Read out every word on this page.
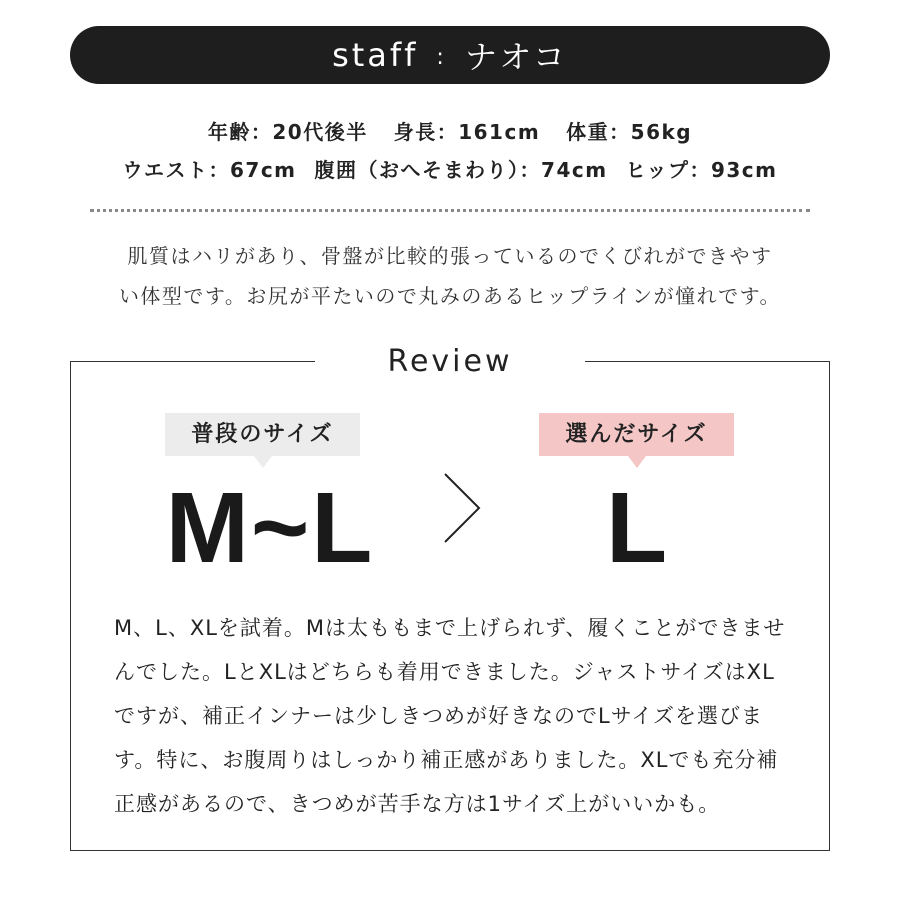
staff : ナオコ
年齢：20代後半 身長：161cm 体重：56kg
ウエスト：67cm 腹囲（おへそまわり）：74cm ヒップ：93cm
肌質はハリがあり、骨盤が比較的張っているのでくびれができやす
い体型です。お尻が平たいので丸みのあるヒップラインが憧れです。
Review
普段のサイズ	選んだサイズ
M~L	L
M、L、XLを試着。Mは太ももまで上げられず、履くことができませ
んでした。LとXLはどちらも着用できました。ジャストサイズはXL
ですが、補正インナーは少しきつめが好きなのでLサイズを選びま
す。特に、お腹周りはしっかり補正感がありました。XLでも充分補
正感があるので、きつめが苦手な方は1サイズ上がいいかも。
